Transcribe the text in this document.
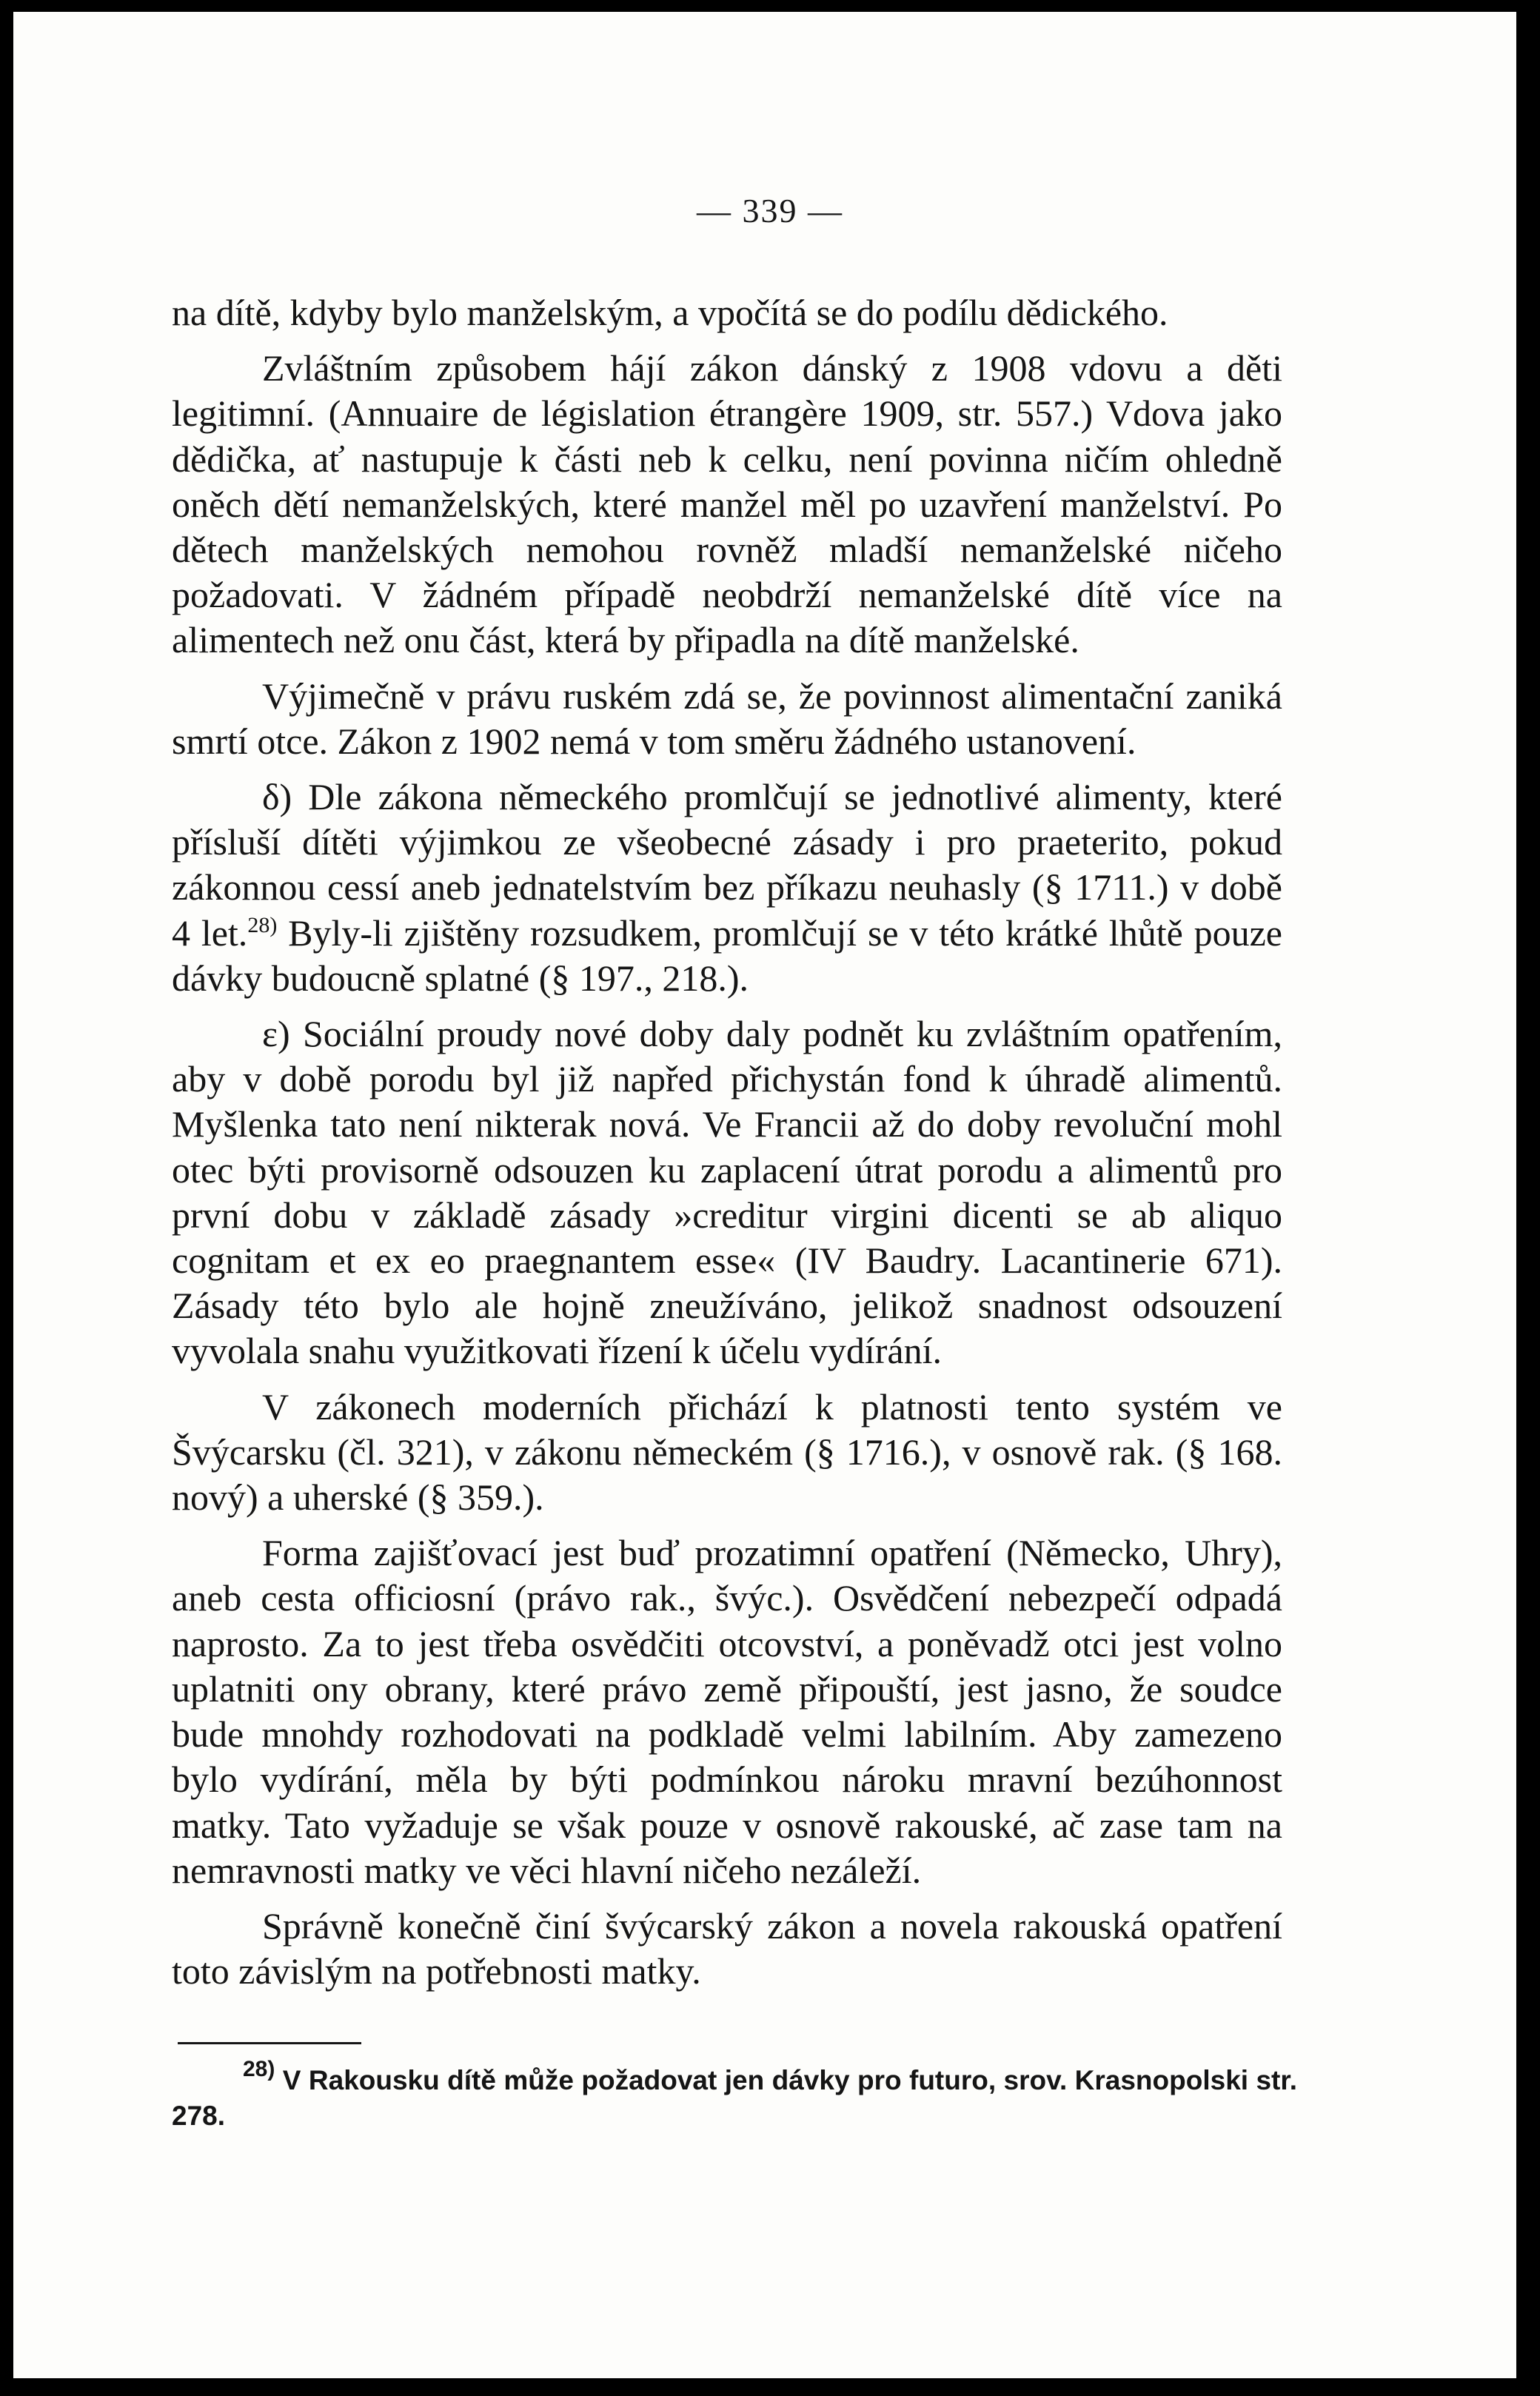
— 339 —

na dítě, kdyby bylo manželským, a vpočítá se do podílu dědického.

Zvláštním způsobem hájí zákon dánský z 1908 vdovu a děti legitimní. (Annuaire de législation étrangère 1909, str. 557.) Vdova jako dědička, ať nastupuje k části neb k celku, není povinna ničím ohledně oněch dětí nemanželských, které manžel měl po uzavření manželství. Po dětech manželských nemohou rovněž mladší nemanželské ničeho požadovati. V žádném případě neobdrží nemanželské dítě více na alimentech než onu část, která by připadla na dítě manželské.

Výjimečně v právu ruském zdá se, že povinnost alimentační zaniká smrtí otce. Zákon z 1902 nemá v tom směru žádného ustanovení.

δ) Dle zákona německého promlčují se jednotlivé alimenty, které přísluší dítěti výjimkou ze všeobecné zásady i pro praeterito, pokud zákonnou cessí aneb jednatelstvím bez příkazu neuhasly (§ 1711.) v době 4 let.$^{28)}$ Byly-li zjištěny rozsudkem, promlčují se v této krátké lhůtě pouze dávky budoucně splatné (§ 197., 218.).

ε) Sociální proudy nové doby daly podnět ku zvláštním opatřením, aby v době porodu byl již napřed přichystán fond k úhradě alimentů. Myšlenka tato není nikterak nová. Ve Francii až do doby revoluční mohl otec býti provisorně odsouzen ku zaplacení útrat porodu a alimentů pro první dobu v základě zásady »creditur virgini dicenti se ab aliquo cognitam et ex eo praegnantem esse« (IV Baudry. Lacantinerie 671). Zásady této bylo ale hojně zneužíváno, jelikož snadnost odsouzení vyvolala snahu využitkovati řízení k účelu vydírání.

V zákonech moderních přichází k platnosti tento systém ve Švýcarsku (čl. 321), v zákonu německém (§ 1716.), v osnově rak. (§ 168. nový) a uherské (§ 359.).

Forma zajišťovací jest buď prozatimní opatření (Německo, Uhry), aneb cesta officiosní (právo rak., švýc.). Osvědčení nebezpečí odpadá naprosto. Za to jest třeba osvědčiti otcovství, a poněvadž otci jest volno uplatniti ony obrany, které právo země připouští, jest jasno, že soudce bude mnohdy rozhodovati na podkladě velmi labilním. Aby zamezeno bylo vydírání, měla by býti podmínkou nároku mravní bezúhonnost matky. Tato vyžaduje se však pouze v osnově rakouské, ač zase tam na nemravnosti matky ve věci hlavní ničeho nezáleží.

Správně konečně činí švýcarský zákon a novela rakouská opatření toto závislým na potřebnosti matky.

$^{28)}$ V Rakousku dítě může požadovat jen dávky pro futuro, srov. Krasnopolski str. 278.
